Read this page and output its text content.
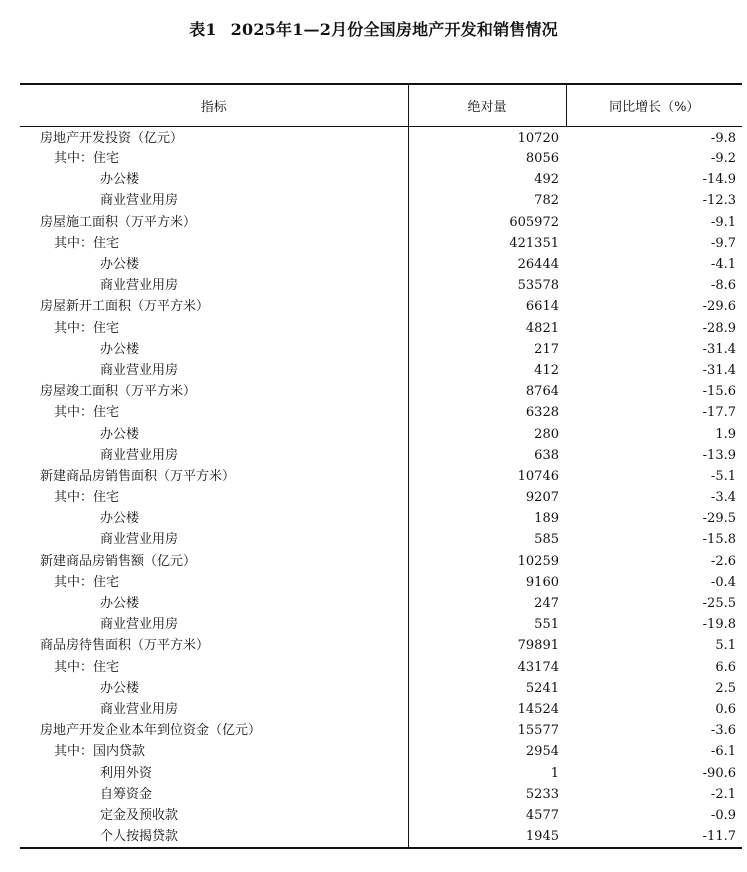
表1 2025年1—2月份全国房地产开发和销售情况
指标	绝对量	同比增长（%）
房地产开发投资（亿元）	10720	-9.8
其中：住宅	8056	-9.2
办公楼	492	-14.9
商业营业用房	782	-12.3
房屋施工面积（万平方米）	605972	-9.1
其中：住宅	421351	-9.7
办公楼	26444	-4.1
商业营业用房	53578	-8.6
房屋新开工面积（万平方米）	6614	-29.6
其中：住宅	4821	-28.9
办公楼	217	-31.4
商业营业用房	412	-31.4
房屋竣工面积（万平方米）	8764	-15.6
其中：住宅	6328	-17.7
办公楼	280	1.9
商业营业用房	638	-13.9
新建商品房销售面积（万平方米）	10746	-5.1
其中：住宅	9207	-3.4
办公楼	189	-29.5
商业营业用房	585	-15.8
新建商品房销售额（亿元）	10259	-2.6
其中：住宅	9160	-0.4
办公楼	247	-25.5
商业营业用房	551	-19.8
商品房待售面积（万平方米）	79891	5.1
其中：住宅	43174	6.6
办公楼	5241	2.5
商业营业用房	14524	0.6
房地产开发企业本年到位资金（亿元）	15577	-3.6
其中：国内贷款	2954	-6.1
利用外资	1	-90.6
自筹资金	5233	-2.1
定金及预收款	4577	-0.9
个人按揭贷款	1945	-11.7
